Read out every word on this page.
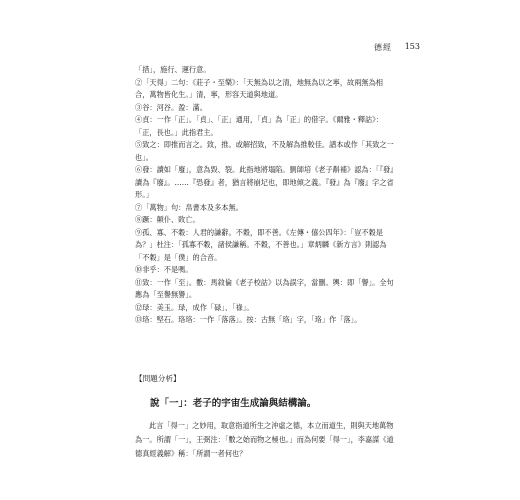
德經 153
「措」，施行、運行意。
②「天得」二句：《莊子・至樂》：「天無為以之清，地無為以之寧，故兩無為相合，萬物皆化生。」清，寧，形容天道與地道。
③谷：河谷。盈：滿。
④貞：一作「正」。「貞」、「正」通用，「貞」為「正」的借字。《爾雅・釋詁》：「正，長也。」此指君主。
⑤致之：即推而言之。致，推。或解招致，不及解為推較佳。譜本或作「其致之一也」。
⑥發：讀如「廢」，意為毀、裂。此指地將塌陷。劉師培《老子斠補》認為：「『發』讀為『廢』。……『恐發』者，猶言將崩圮也，即地傾之義。『發』為『廢』字之省形。」
⑦「萬物」句：帛書本及多本無。
⑧蹶：顛仆、敗亡。
⑨孤、寡、不穀：人君的謙辭。不穀，即不善。《左傳・僖公四年》：「豈不穀是為？」杜注：「孤寡不穀，諸侯謙稱。不穀，不善也。」章炳麟《新方言》則認為「不穀」是「僕」的合音。
⑩非乎：不是嗎。
⑪致：一作「至」。數：馬敘倫《老子校詁》以為誤字，當刪。輿：即「譽」。全句應為「至譽無譽」。
⑫琭：美玉。琭，成作「碌」、「祿」。
⑬珞：堅石。珞珞：一作「落落」。按：古無「珞」字，「珞」作「落」。
【問題分析】
說「一」：老子的宇宙生成論與結構論。

此言「得一」之妙用，取意指道所生之沖虛之德，本立而道生，則與天地萬物為一。所謂「一」，王弼注：「數之始而物之極也。」而為何要「得一」，李嘉謀《道德真經義解》稱：「所謂一者何也？
